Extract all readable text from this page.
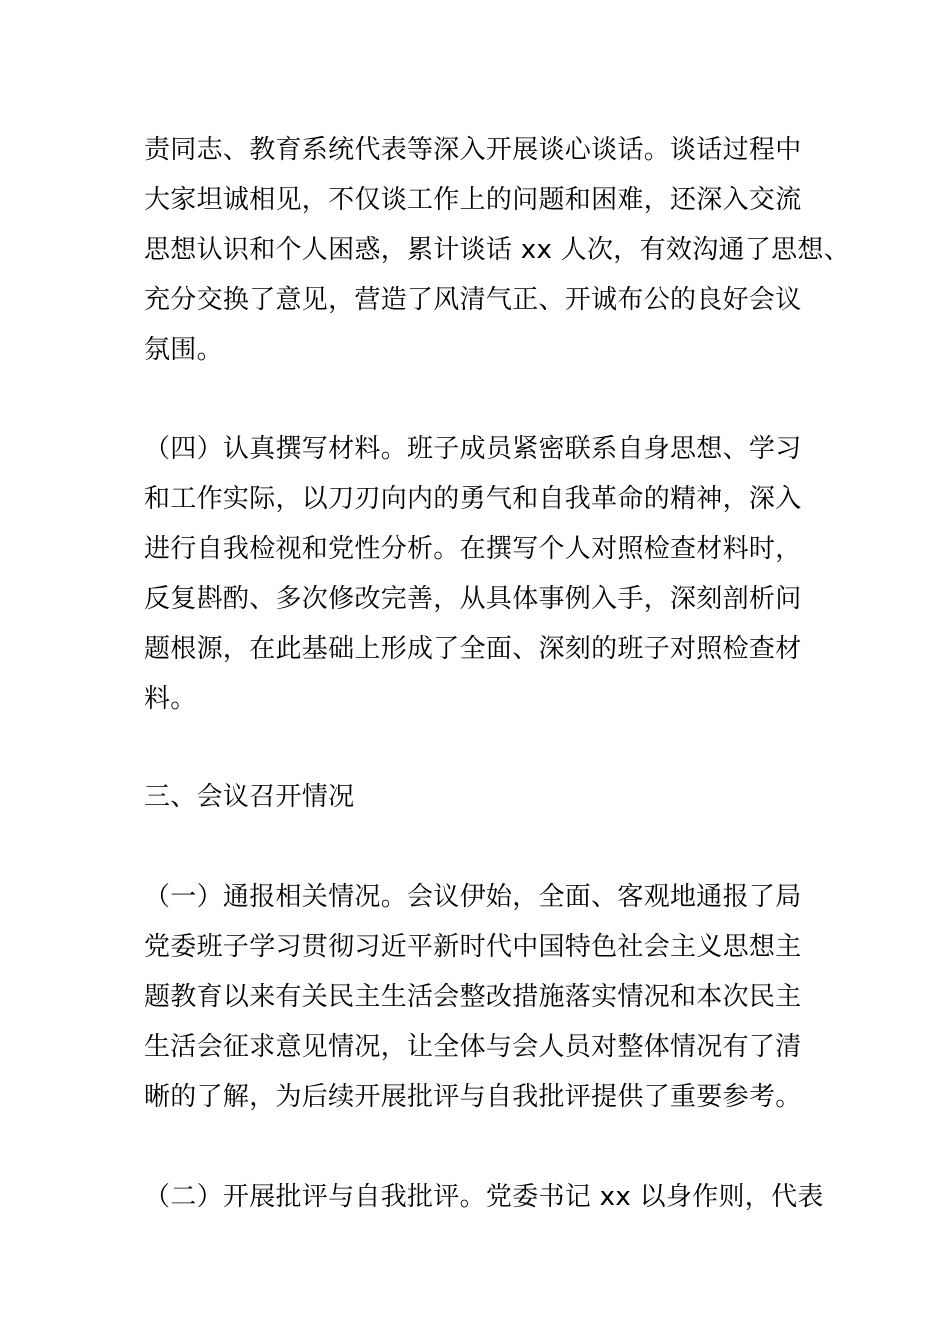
责同志、教育系统代表等深入开展谈心谈话。谈话过程中
大家坦诚相见，不仅谈工作上的问题和困难，还深入交流
思想认识和个人困惑，累计谈话 xx 人次，有效沟通了思想、
充分交换了意见，营造了风清气正、开诚布公的良好会议
氛围。
（四）认真撰写材料。班子成员紧密联系自身思想、学习
和工作实际，以刀刃向内的勇气和自我革命的精神，深入
进行自我检视和党性分析。在撰写个人对照检查材料时，
反复斟酌、多次修改完善，从具体事例入手，深刻剖析问
题根源，在此基础上形成了全面、深刻的班子对照检查材
料。
三、会议召开情况
（一）通报相关情况。会议伊始，全面、客观地通报了局
党委班子学习贯彻习近平新时代中国特色社会主义思想主
题教育以来有关民主生活会整改措施落实情况和本次民主
生活会征求意见情况，让全体与会人员对整体情况有了清
晰的了解，为后续开展批评与自我批评提供了重要参考。
（二）开展批评与自我批评。党委书记 xx 以身作则，代表
